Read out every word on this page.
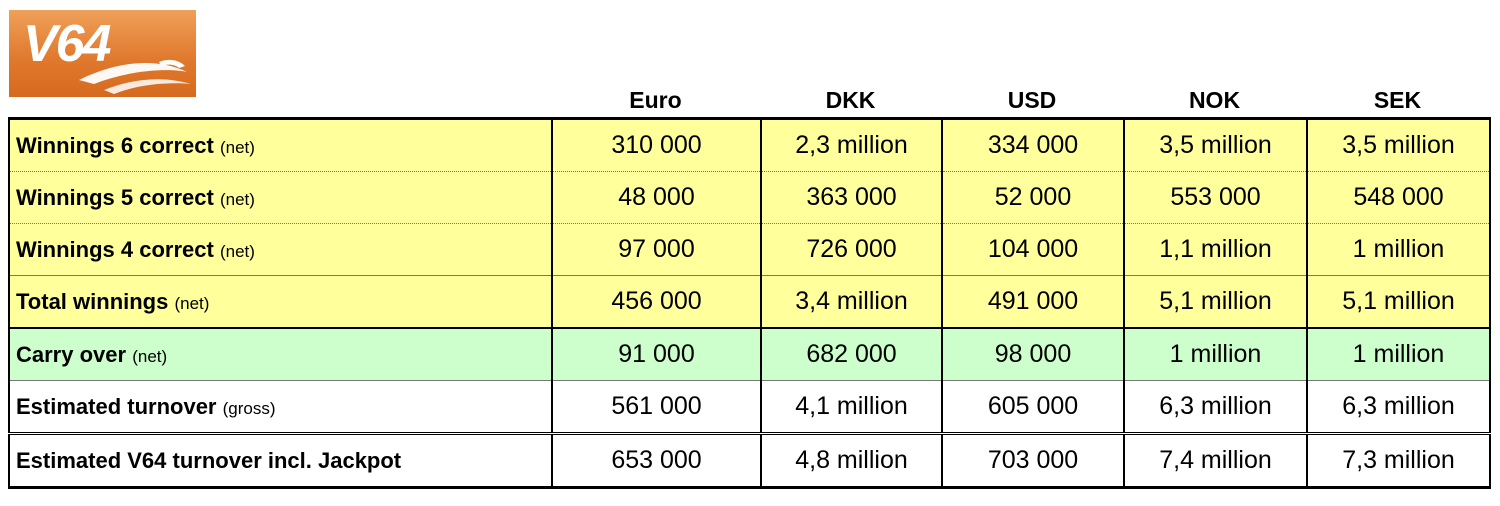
V64
Euro	DKK	USD	NOK	SEK
Winnings 6 correct (net)	310 000	2,3 million	334 000	3,5 million	3,5 million
Winnings 5 correct (net)	48 000	363 000	52 000	553 000	548 000
Winnings 4 correct (net)	97 000	726 000	104 000	1,1 million	1 million
Total winnings (net)	456 000	3,4 million	491 000	5,1 million	5,1 million
Carry over (net)	91 000	682 000	98 000	1 million	1 million
Estimated turnover (gross)	561 000	4,1 million	605 000	6,3 million	6,3 million
Estimated V64 turnover incl. Jackpot	653 000	4,8 million	703 000	7,4 million	7,3 million
